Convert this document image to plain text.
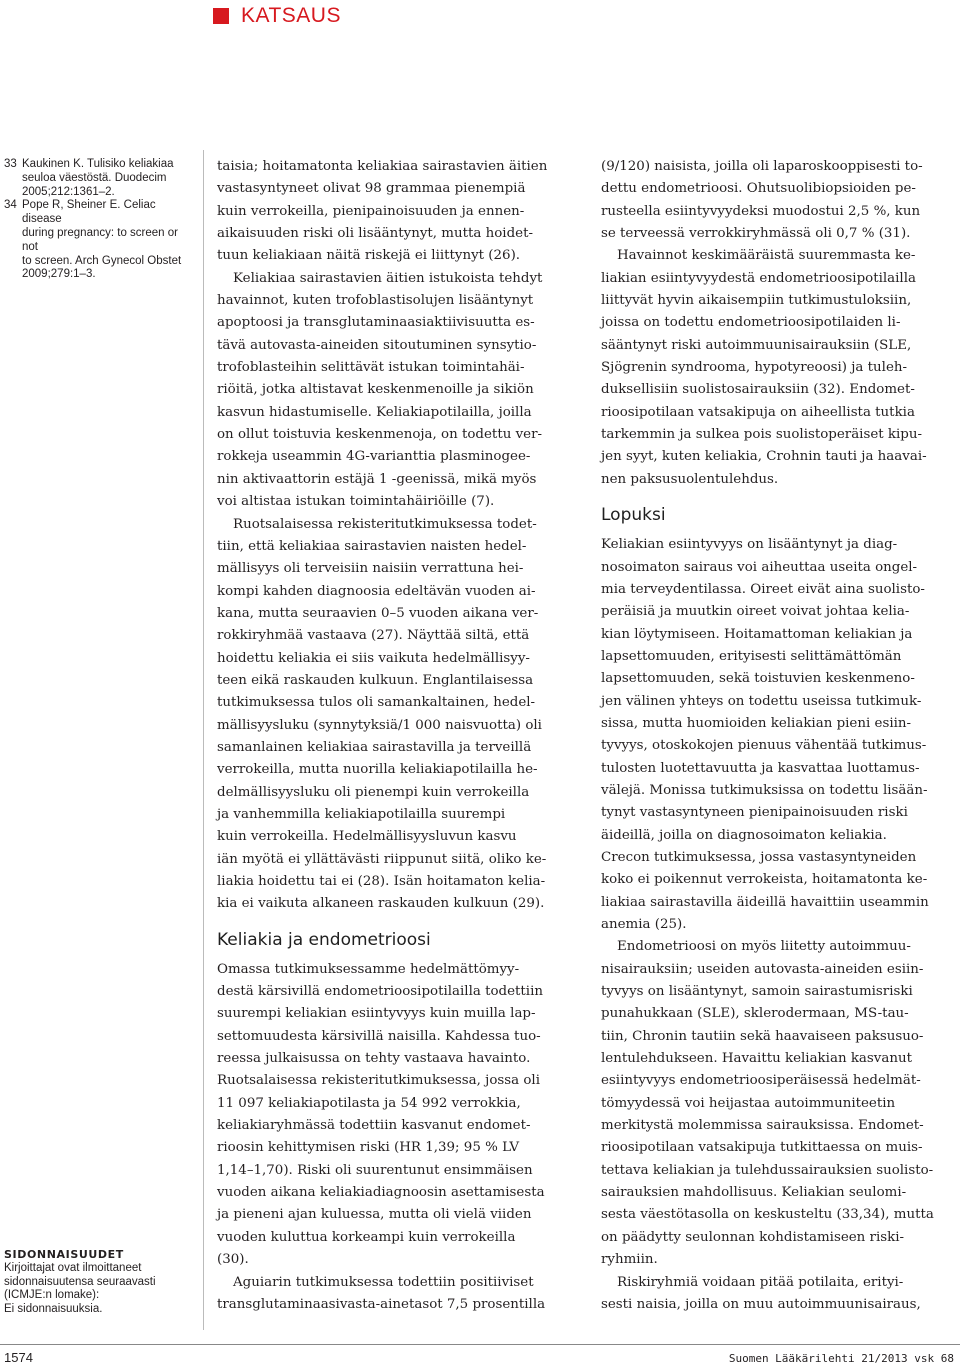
KATSAUS
33 Kaukinen K. Tulisiko keliakiaa
seuloa väestöstä. Duodecim
2005;212:1361–2.
34 Pope R, Sheiner E. Celiac disease
during pregnancy: to screen or not
to screen. Arch Gynecol Obstet
2009;279:1–3.
SIDONNAISUUDET
Kirjoittajat ovat ilmoittaneet
sidonnaisuutensa seuraavasti
(ICMJE:n lomake):
Ei sidonnaisuuksia.
taisia; hoitamatonta keliakiaa sairastavien äitien
vastasyntyneet olivat 98 grammaa pienempiä
kuin verrokeilla, pienipainoisuuden ja ennen-
aikaisuuden riski oli lisääntynyt, mutta hoidet-
tuun keliakiaan näitä riskejä ei liittynyt (26).
Keliakiaa sairastavien äitien istukoista tehdyt
havainnot, kuten trofoblastisolujen lisääntynyt
apoptoosi ja transglutaminaasiaktiivisuutta es-
tävä autovasta-aineiden sitoutuminen synsytio-
trofoblasteihin selittävät istukan toimintahäi-
riöitä, jotka altistavat keskenmenoille ja sikiön
kasvun hidastumiselle. Keliakiapotilailla, joilla
on ollut toistuvia keskenmenoja, on todettu ver-
rokkeja useammin 4G-varianttia plasminogee-
nin aktivaattorin estäjä 1 -geenissä, mikä myös
voi altistaa istukan toimintahäiriöille (7).
Ruotsalaisessa rekisteritutkimuksessa todet-
tiin, että keliakiaa sairastavien naisten hedel-
mällisyys oli terveisiin naisiin verrattuna hei-
kompi kahden diagnoosia edeltävän vuoden ai-
kana, mutta seuraavien 0–5 vuoden aikana ver-
rokkiryhmää vastaava (27). Näyttää siltä, että
hoidettu keliakia ei siis vaikuta hedelmällisyy-
teen eikä raskauden kulkuun. Englantilaisessa
tutkimuksessa tulos oli samankaltainen, hedel-
mällisyysluku (synnytyksiä/1 000 naisvuotta) oli
samanlainen keliakiaa sairastavilla ja terveillä
verrokeilla, mutta nuorilla keliakiapotilailla he-
delmällisyysluku oli pienempi kuin verrokeilla
ja vanhemmilla keliakiapotilailla suurempi
kuin verrokeilla. Hedelmällisyysluvun kasvu
iän myötä ei yllättävästi riippunut siitä, oliko ke-
liakia hoidettu tai ei (28). Isän hoitamaton kelia-
kia ei vaikuta alkaneen raskauden kulkuun (29).
Keliakia ja endometrioosi
Omassa tutkimuksessamme hedelmättömyy-
destä kärsivillä endometrioosipotilailla todettiin
suurempi keliakian esiintyvyys kuin muilla lap-
settomuudesta kärsivillä naisilla. Kahdessa tuo-
reessa julkaisussa on tehty vastaava havainto.
Ruotsalaisessa rekisteritutkimuksessa, jossa oli
11 097 keliakiapotilasta ja 54 992 verrokkia,
keliakiaryhmässä todettiin kasvanut endomet-
rioosin kehittymisen riski (HR 1,39; 95 % LV
1,14–1,70). Riski oli suurentunut ensimmäisen
vuoden aikana keliakiadiagnoosin asettamisesta
ja pieneni ajan kuluessa, mutta oli vielä viiden
vuoden kuluttua korkeampi kuin verrokeilla
(30).
Aguiarin tutkimuksessa todettiin positiiviset
transglutaminaasivasta-ainetasot 7,5 prosentilla
(9/120) naisista, joilla oli laparoskooppisesti to-
dettu endometrioosi. Ohutsuolibiopsioiden pe-
rusteella esiintyvyydeksi muodostui 2,5 %, kun
se terveessä verrokkiryhmässä oli 0,7 % (31).
Havainnot keskimääräistä suuremmasta ke-
liakian esiintyvyydestä endometrioosipotilailla
liittyvät hyvin aikaisempiin tutkimustuloksiin,
joissa on todettu endometrioosipotilaiden li-
sääntynyt riski autoimmuunisairauksiin (SLE,
Sjögrenin syndrooma, hypotyreoosi) ja tuleh-
duksellisiin suolistosairauksiin (32). Endomet-
rioosipotilaan vatsakipuja on aiheellista tutkia
tarkemmin ja sulkea pois suolistoperäiset kipu-
jen syyt, kuten keliakia, Crohnin tauti ja haavai-
nen paksusuolentulehdus.
Lopuksi
Keliakian esiintyvyys on lisääntynyt ja diag-
nosoimaton sairaus voi aiheuttaa useita ongel-
mia terveydentilassa. Oireet eivät aina suolisto-
peräisiä ja muutkin oireet voivat johtaa kelia-
kian löytymiseen. Hoitamattoman keliakian ja
lapsettomuuden, erityisesti selittämättömän
lapsettomuuden, sekä toistuvien keskenmeno-
jen välinen yhteys on todettu useissa tutkimuk-
sissa, mutta huomioiden keliakian pieni esiin-
tyvyys, otoskokojen pienuus vähentää tutkimus-
tulosten luotettavuutta ja kasvattaa luottamus-
välejä. Monissa tutkimuksissa on todettu lisään-
tynyt vastasyntyneen pienipainoisuuden riski
äideillä, joilla on diagnosoimaton keliakia.
Crecon tutkimuksessa, jossa vastasyntyneiden
koko ei poikennut verrokeista, hoitamatonta ke-
liakiaa sairastavilla äideillä havaittiin useammin
anemia (25).
Endometrioosi on myös liitetty autoimmuu-
nisairauksiin; useiden autovasta-aineiden esiin-
tyvyys on lisääntynyt, samoin sairastumisriski
punahukkaan (SLE), sklerodermaan, MS-tau-
tiin, Chronin tautiin sekä haavaiseen paksusuo-
lentulehdukseen. Havaittu keliakian kasvanut
esiintyvyys endometrioosiperäisessä hedelmät-
tömyydessä voi heijastaa autoimmuniteetin
merkitystä molemmissa sairauksissa. Endomet-
rioosipotilaan vatsakipuja tutkittaessa on muis-
tettava keliakian ja tulehdussairauksien suolisto-
sairauksien mahdollisuus. Keliakian seulomi-
sesta väestötasolla on keskusteltu (33,34), mutta
on päädytty seulonnan kohdistamiseen riski-
ryhmiin.
Riskiryhmiä voidaan pitää potilaita, erityi-
sesti naisia, joilla on muu autoimmuunisairaus,
1574	Suomen Lääkärilehti 21/2013 vsk 68
